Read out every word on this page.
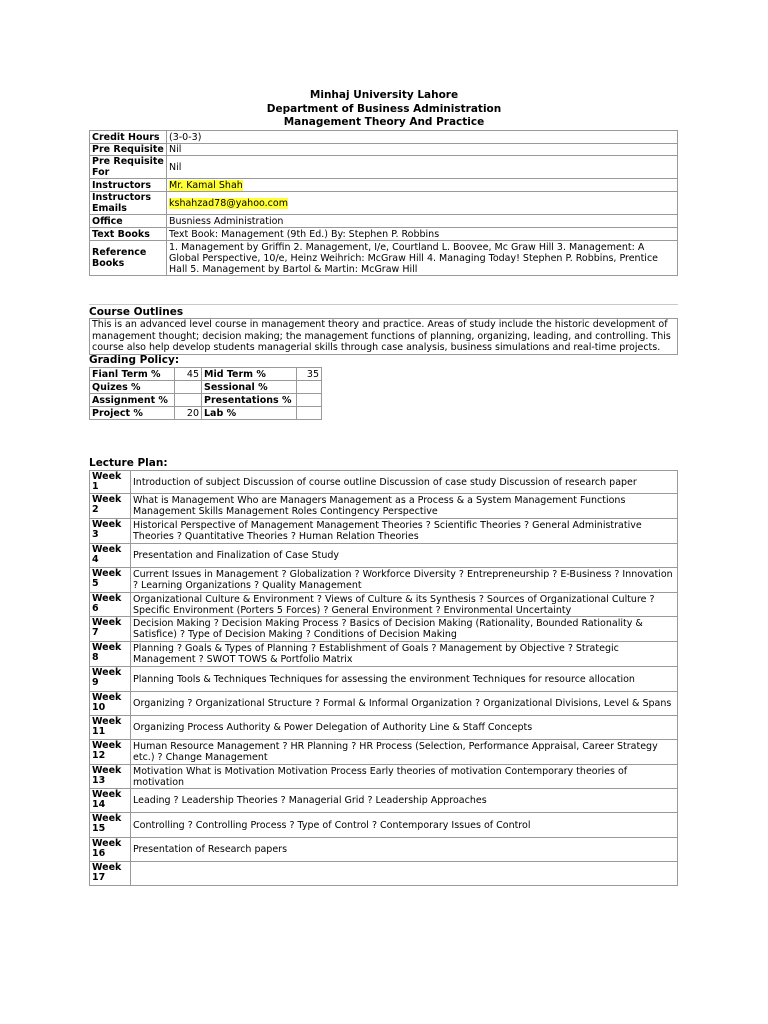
Minhaj University Lahore
Department of Business Administration
Management Theory And Practice
Credit Hours	(3-0-3)
Pre Requisite	Nil
Pre Requisite For	Nil
Instructors	Mr. Kamal Shah
Instructors Emails	kshahzad78@yahoo.com
Office	Busniess Administration
Text Books	Text Book: Management (9th Ed.) By: Stephen P. Robbins
Reference Books	1. Management by Griffin 2. Management, I/e, Courtland L. Boovee, Mc Graw Hill 3. Management: A Global Perspective, 10/e, Heinz Weihrich: McGraw Hill 4. Managing Today! Stephen P. Robbins, Prentice Hall 5. Management by Bartol & Martin: McGraw Hill
Course Outlines
This is an advanced level course in management theory and practice. Areas of study include the historic development of management thought; decision making; the management functions of planning, organizing, leading, and controlling. This course also help develop students managerial skills through case analysis, business simulations and real-time projects.
Grading Policy:
Fianl Term %	45	Mid Term %	35
Quizes %		Sessional %	
Assignment %		Presentations %	
Project %	20	Lab %	
Lecture Plan:
Week 1	Introduction of subject Discussion of course outline Discussion of case study Discussion of research paper
Week 2	What is Management Who are Managers Management as a Process & a System Management Functions Management Skills Management Roles Contingency Perspective
Week 3	Historical Perspective of Management Management Theories ? Scientific Theories ? General Administrative Theories ? Quantitative Theories ? Human Relation Theories
Week 4	Presentation and Finalization of Case Study
Week 5	Current Issues in Management ? Globalization ? Workforce Diversity ? Entrepreneurship ? E-Business ? Innovation ? Learning Organizations ? Quality Management
Week 6	Organizational Culture & Environment ? Views of Culture & its Synthesis ? Sources of Organizational Culture ? Specific Environment (Porters 5 Forces) ? General Environment ? Environmental Uncertainty
Week 7	Decision Making ? Decision Making Process ? Basics of Decision Making (Rationality, Bounded Rationality & Satisfice) ? Type of Decision Making ? Conditions of Decision Making
Week 8	Planning ? Goals & Types of Planning ? Establishment of Goals ? Management by Objective ? Strategic Management ? SWOT TOWS & Portfolio Matrix
Week 9	Planning Tools & Techniques Techniques for assessing the environment Techniques for resource allocation
Week 10	Organizing ? Organizational Structure ? Formal & Informal Organization ? Organizational Divisions, Level & Spans
Week 11	Organizing Process Authority & Power Delegation of Authority Line & Staff Concepts
Week 12	Human Resource Management ? HR Planning ? HR Process (Selection, Performance Appraisal, Career Strategy etc.) ? Change Management
Week 13	Motivation What is Motivation Motivation Process Early theories of motivation Contemporary theories of motivation
Week 14	Leading ? Leadership Theories ? Managerial Grid ? Leadership Approaches
Week 15	Controlling ? Controlling Process ? Type of Control ? Contemporary Issues of Control
Week 16	Presentation of Research papers
Week 17	
